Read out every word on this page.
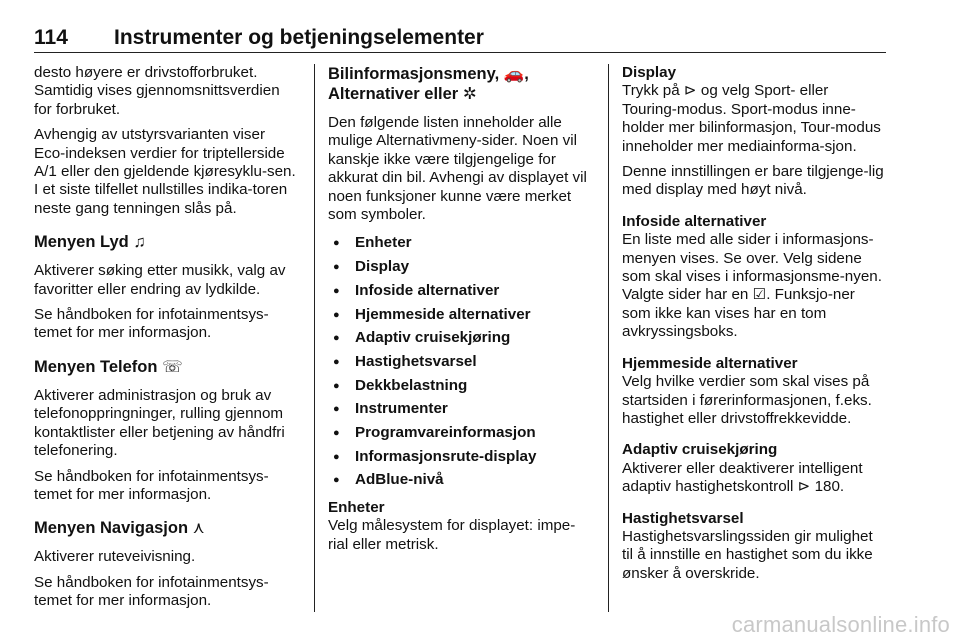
114 Instrumenter og betjeningselementer

desto høyere er drivstofforbruket. Samtidig vises gjennomsnittsverdien for forbruket.

Avhengig av utstyrsvarianten viser Eco-indeksen verdier for triptellerside A/1 eller den gjeldende kjøresyklu-sen. I et siste tilfellet nullstilles indika-toren neste gang tenningen slås på.

Menyen Lyd ♫

Aktiverer søking etter musikk, valg av favoritter eller endring av lydkilde.

Se håndboken for infotainmentsys-temet for mer informasjon.

Menyen Telefon ☏

Aktiverer administrasjon og bruk av telefonoppringninger, rulling gjennom kontaktlister eller betjening av håndfri telefonering.

Se håndboken for infotainmentsys-temet for mer informasjon.

Menyen Navigasjon ⋏

Aktiverer ruteveivisning.

Se håndboken for infotainmentsys-temet for mer informasjon.

Bilinformasjonsmeny, 🚗,
Alternativer eller ✲

Den følgende listen inneholder alle mulige Alternativmeny-sider. Noen vil kanskje ikke være tilgjengelige for akkurat din bil. Avhengi av displayet vil noen funksjoner kunne være merket som symboler.

● Enheter
● Display
● Infoside alternativer
● Hjemmeside alternativer
● Adaptiv cruisekjøring
● Hastighetsvarsel
● Dekkbelastning
● Instrumenter
● Programvareinformasjon
● Informasjonsrute-display
● AdBlue-nivå
Enheter

Velg målesystem for displayet: impe-rial eller metrisk.

Display

Trykk på ⊳ og velg Sport- eller Touring-modus. Sport-modus inne-holder mer bilinformasjon, Tour-modus inneholder mer mediainforma-sjon.

Denne innstillingen er bare tilgjenge-lig med display med høyt nivå.

Infoside alternativer

En liste med alle sider i informasjons-menyen vises. Se over. Velg sidene som skal vises i informasjonsme-nyen. Valgte sider har en ☑. Funksjo-ner som ikke kan vises har en tom avkryssingsboks.

Hjemmeside alternativer

Velg hvilke verdier som skal vises på startsiden i førerinformasjonen, f.eks. hastighet eller drivstoffrekkevidde.

Adaptiv cruisekjøring

Aktiverer eller deaktiverer intelligent adaptiv hastighetskontroll ⊳ 180.

Hastighetsvarsel

Hastighetsvarslingssiden gir mulighet til å innstille en hastighet som du ikke ønsker å overskride.

carmanualsonline.info
